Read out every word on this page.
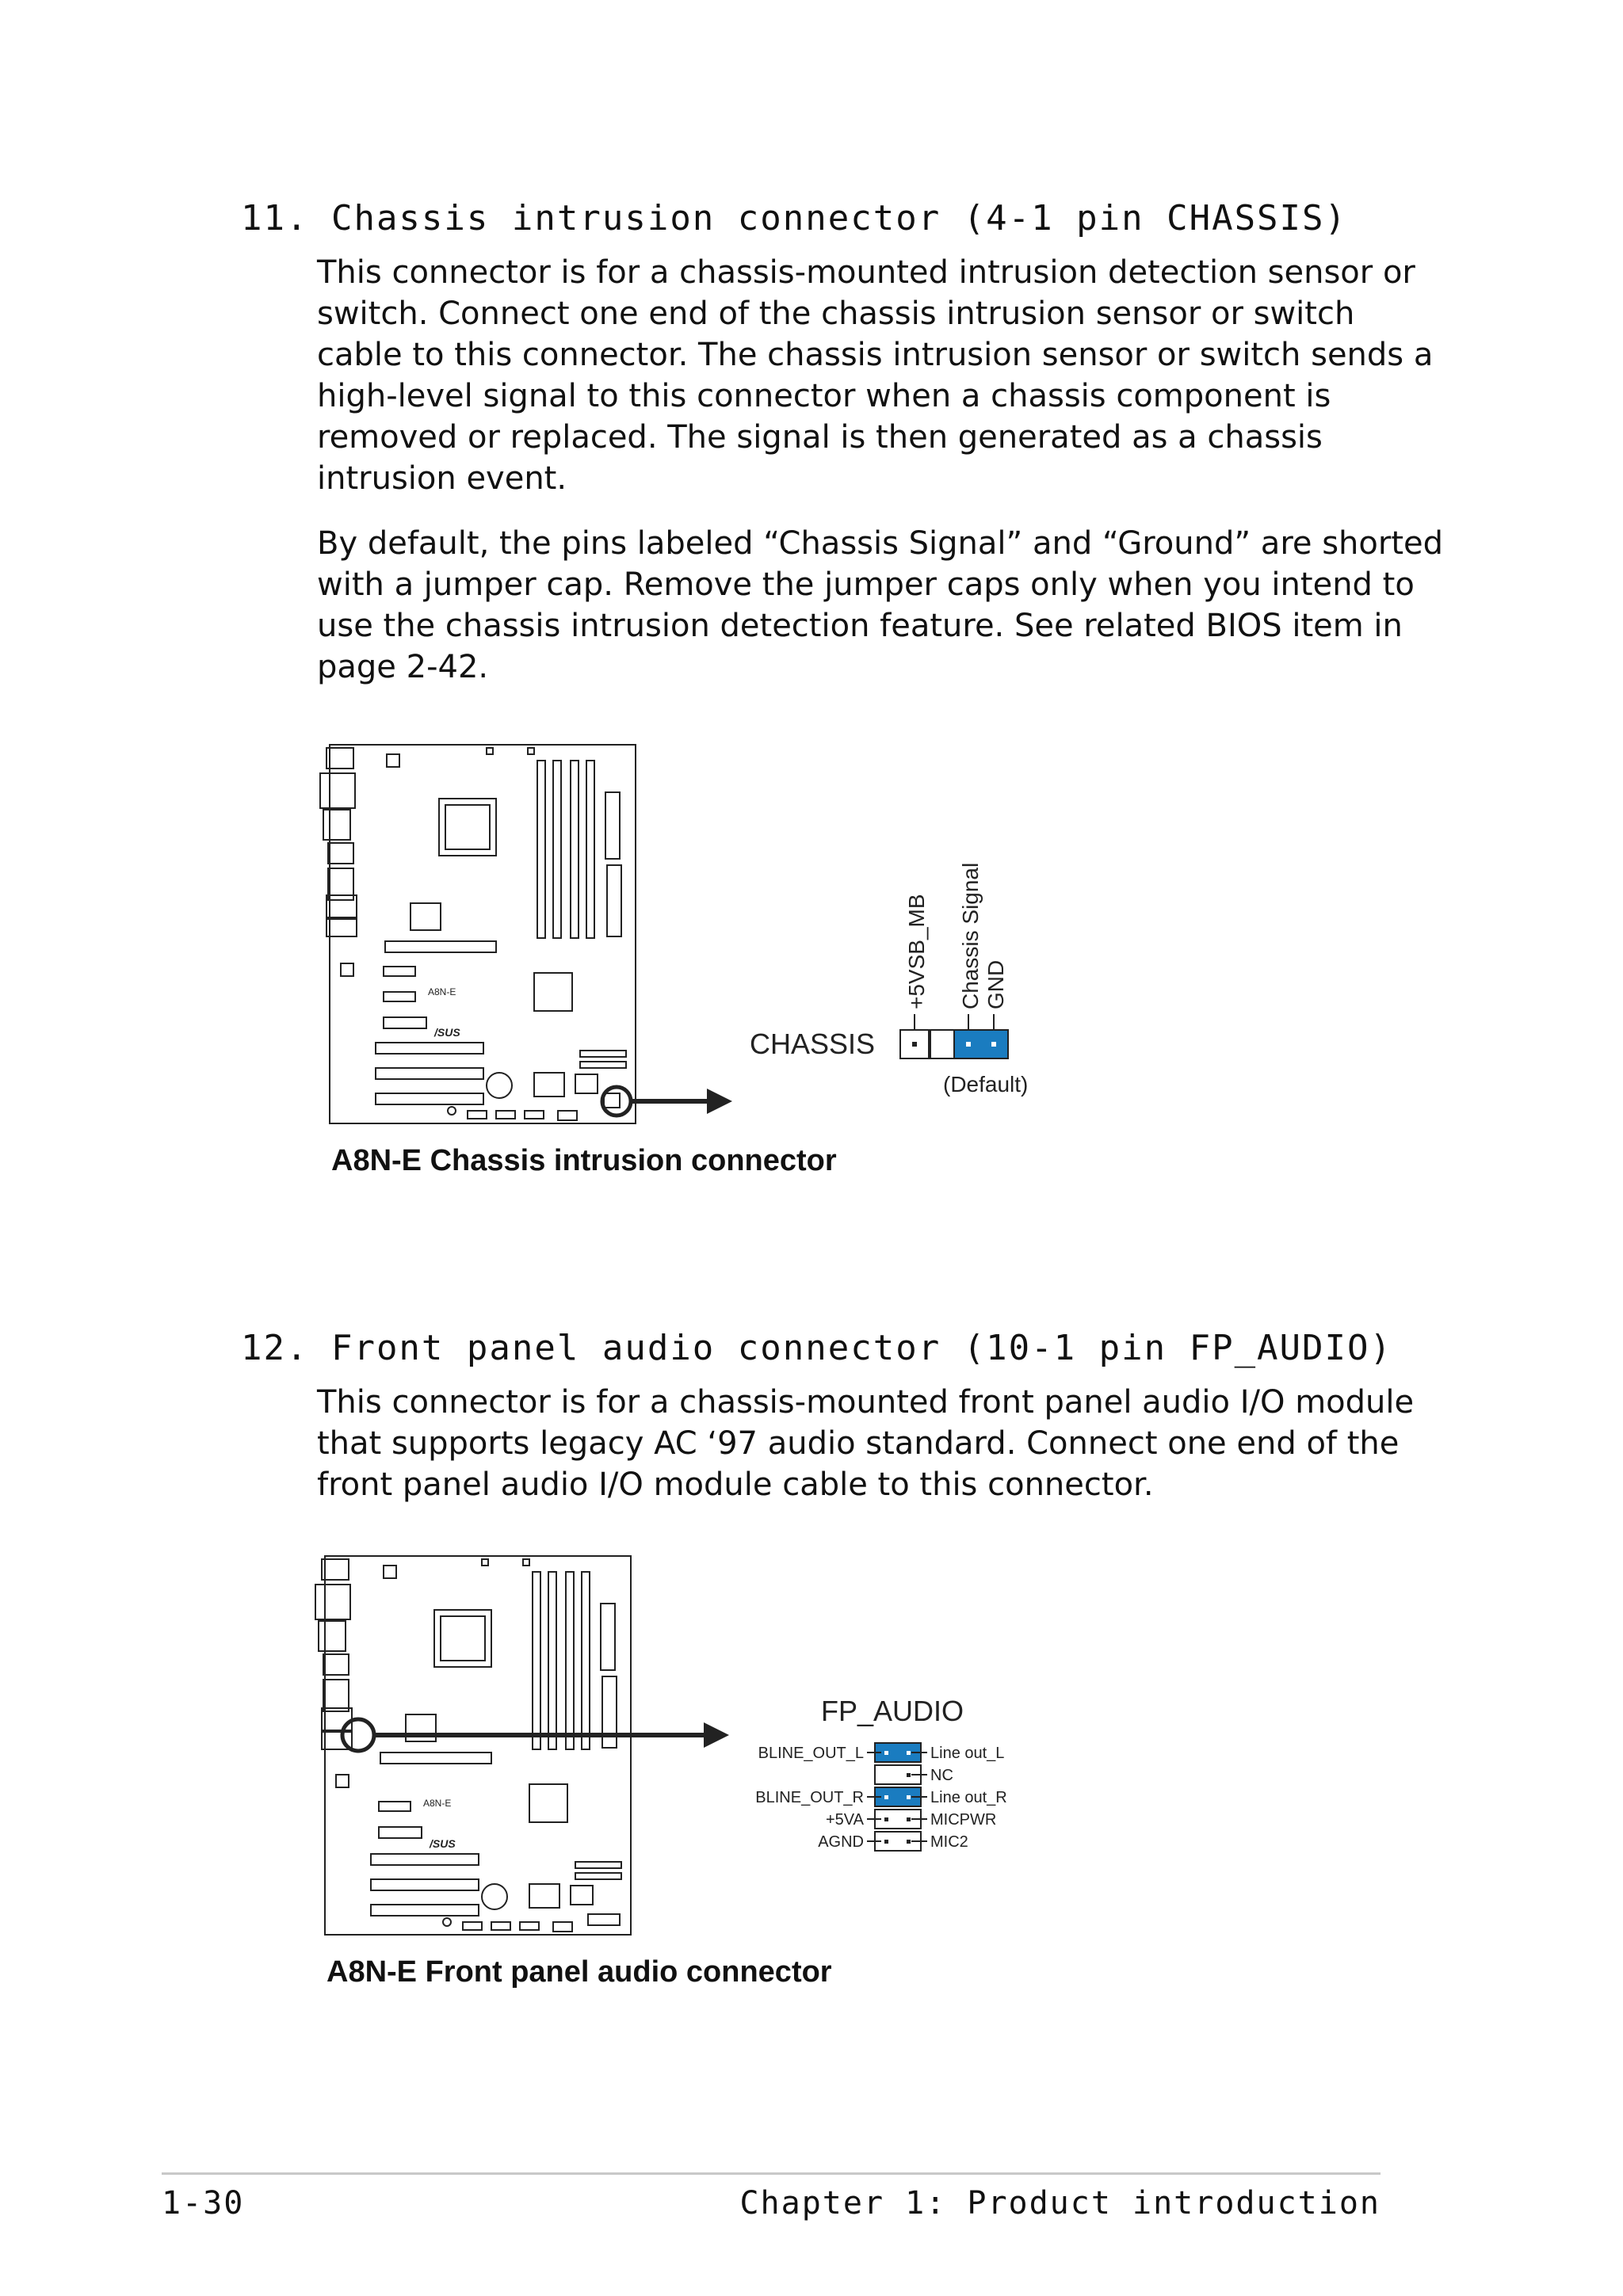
11. Chassis intrusion connector (4-1 pin CHASSIS)
This connector is for a chassis-mounted intrusion detection sensor or
switch. Connect one end of the chassis intrusion sensor or switch
cable to this connector. The chassis intrusion sensor or switch sends a
high-level signal to this connector when a chassis component is
removed or replaced. The signal is then generated as a chassis
intrusion event.
By default, the pins labeled “Chassis Signal” and “Ground” are shorted
with a jumper cap. Remove the jumper caps only when you intend to
use the chassis intrusion detection feature. See related BIOS item in
page 2-42.
A8N-E
/SUS	CHASSIS
+5VSB_MB Chassis Signal GND
(Default)
A8N-E Chassis intrusion connector
12. Front panel audio connector (10-1 pin FP_AUDIO)
This connector is for a chassis-mounted front panel audio I/O module
that supports legacy AC ‘97 audio standard. Connect one end of the
front panel audio I/O module cable to this connector.
A8N-E
/SUS
FP_AUDIO
BLINE_OUT_L
BLINE_OUT_R
+5VA
AGND
Line out_L
NC
Line out_R
MICPWR
MIC2
A8N-E Front panel audio connector
1-30	Chapter 1: Product introduction
